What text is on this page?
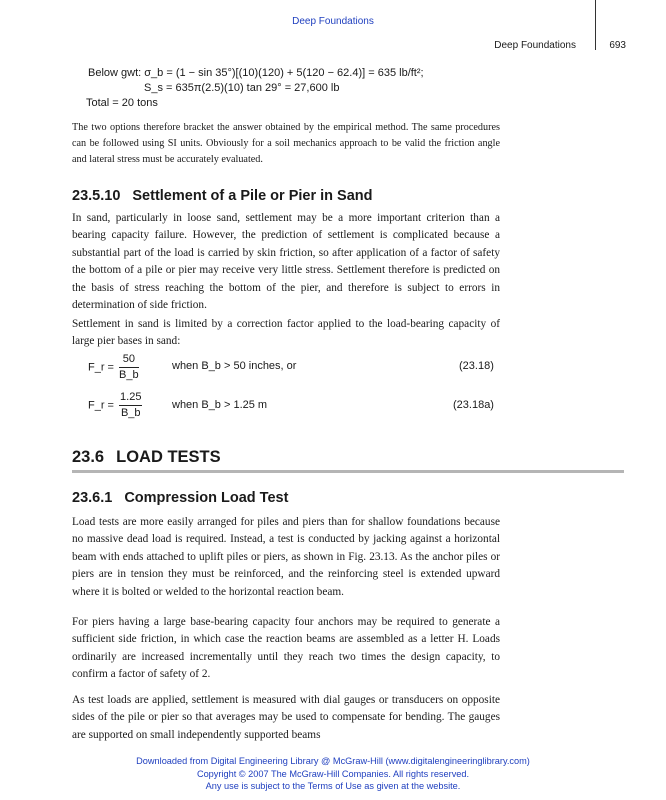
Deep Foundations
Deep Foundations	693
Below gwt: σ_b = (1 − sin 35°)[(10)(120) + 5(120 − 62.4)] = 635 lb/ft²;
S_s = 635π(2.5)(10) tan 29° = 27,600 lb
Total = 20 tons

The two options therefore bracket the answer obtained by the empirical method. The same procedures can be followed using SI units. Obviously for a soil mechanics approach to be valid the friction angle and lateral stress must be accurately evaluated.

23.5.10 Settlement of a Pile or Pier in Sand

In sand, particularly in loose sand, settlement may be a more important criterion than a bearing capacity failure. However, the prediction of settlement is complicated because a substantial part of the load is carried by skin friction, so after application of a factor of safety the bottom of a pile or pier may receive very little stress. Settlement therefore is predicted on the basis of stress reaching the bottom of the pier, and therefore is subject to errors in determination of side friction.

Settlement in sand is limited by a correction factor applied to the load-bearing capacity of large pier bases in sand:

F_r = $\frac{50}{B\_b}$	when B_b > 50 inches, or	(23.18)
F_r = $\frac{1.25}{B\_b}$	when B_b > 1.25 m	(23.18a)
23.6 LOAD TESTS
23.6.1 Compression Load Test

Load tests are more easily arranged for piles and piers than for shallow foundations because no massive dead load is required. Instead, a test is conducted by jacking against a horizontal beam with ends attached to uplift piles or piers, as shown in Fig. 23.13. As the anchor piles or piers are in tension they must be reinforced, and the reinforcing steel is extended upward where it is bolted or welded to the horizontal reaction beam.

For piers having a large base-bearing capacity four anchors may be required to generate a sufficient side friction, in which case the reaction beams are assembled as a letter H. Loads ordinarily are increased incrementally until they reach two times the design capacity, to confirm a factor of safety of 2.

As test loads are applied, settlement is measured with dial gauges or transducers on opposite sides of the pile or pier so that averages may be used to compensate for bending. The gauges are supported on small independently supported beams

Downloaded from Digital Engineering Library @ McGraw-Hill (www.digitalengineeringlibrary.com)
Copyright © 2007 The McGraw-Hill Companies. All rights reserved.
Any use is subject to the Terms of Use as given at the website.
